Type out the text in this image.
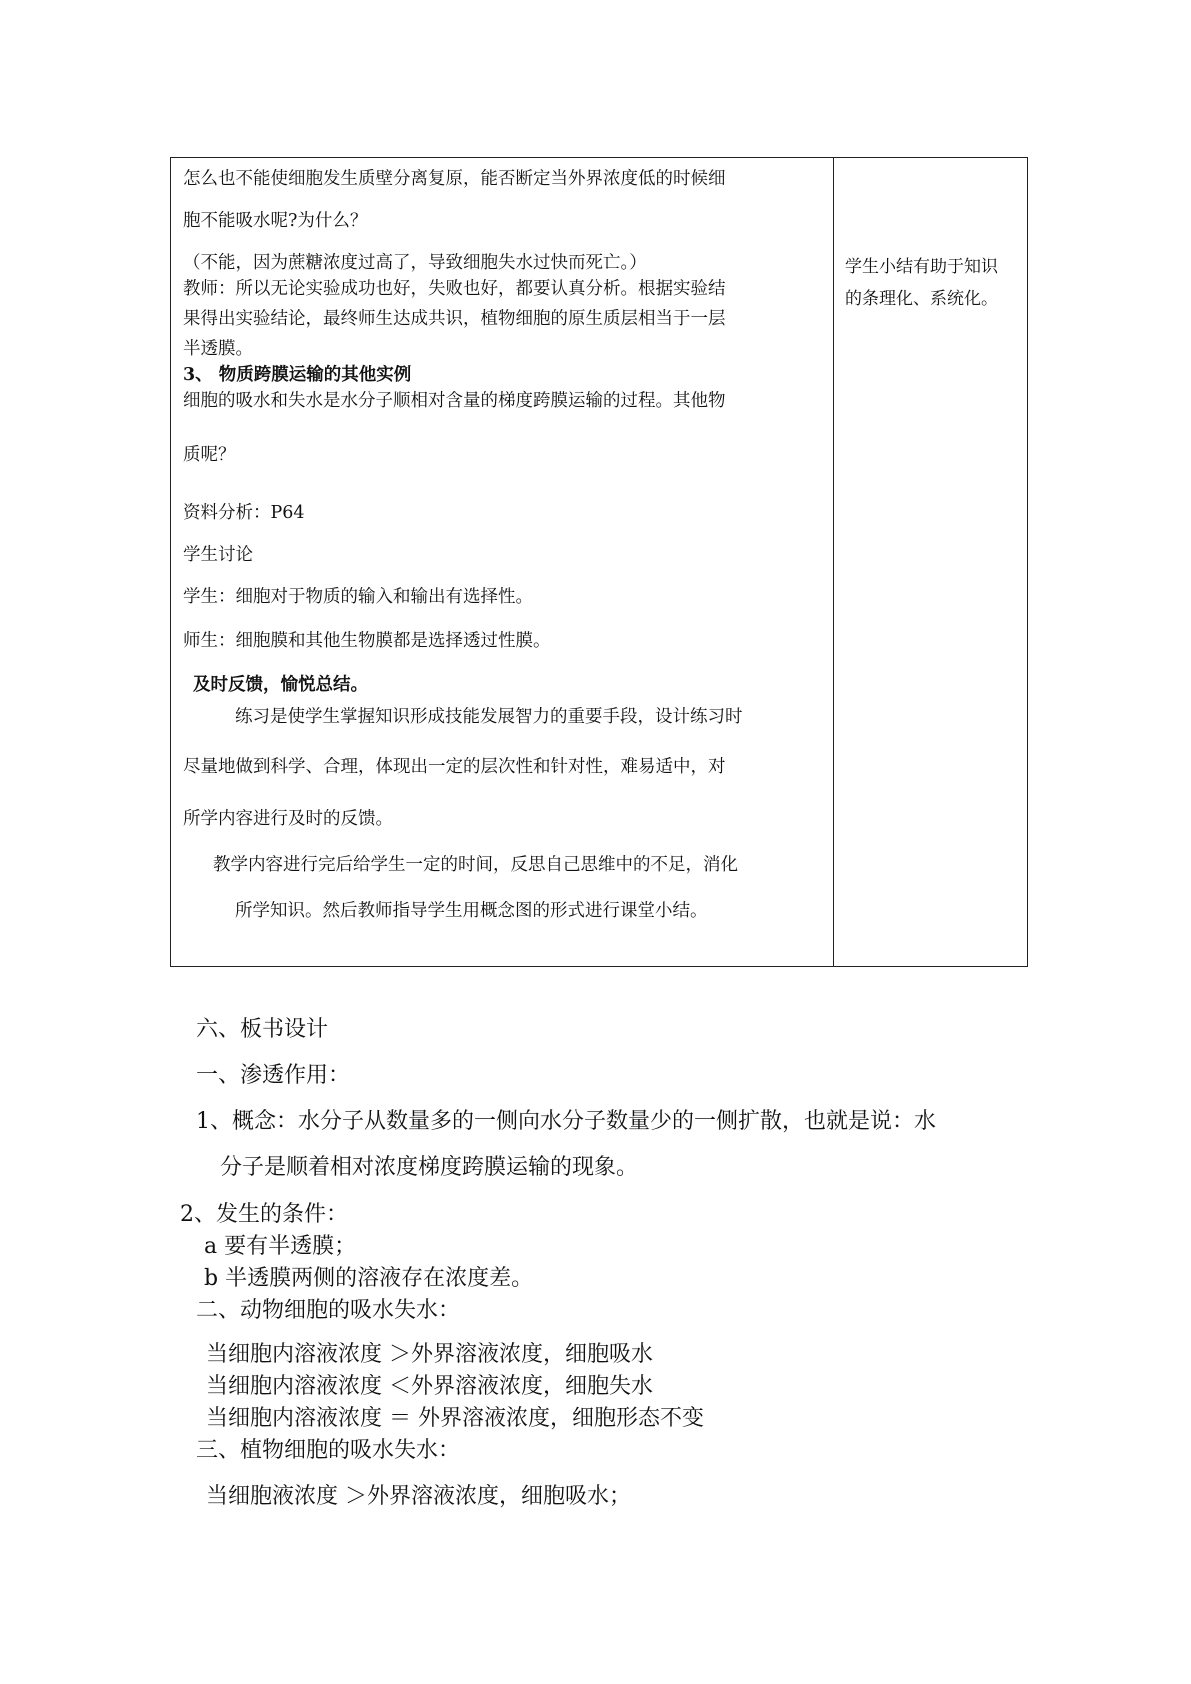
怎么也不能使细胞发生质壁分离复原，能否断定当外界浓度低的时候细

胞不能吸水呢?为什么？

（不能，因为蔗糖浓度过高了，导致细胞失水过快而死亡。）

教师：所以无论实验成功也好，失败也好，都要认真分析。根据实验结

果得出实验结论，最终师生达成共识，植物细胞的原生质层相当于一层

半透膜。

3、 物质跨膜运输的其他实例

细胞的吸水和失水是水分子顺相对含量的梯度跨膜运输的过程。其他物

质呢？

资料分析：P64

学生讨论

学生：细胞对于物质的输入和输出有选择性。

师生：细胞膜和其他生物膜都是选择透过性膜。

及时反馈，愉悦总结。

练习是使学生掌握知识形成技能发展智力的重要手段，设计练习时

尽量地做到科学、合理，体现出一定的层次性和针对性，难易适中，对

所学内容进行及时的反馈。

教学内容进行完后给学生一定的时间，反思自己思维中的不足，消化

所学知识。然后教师指导学生用概念图的形式进行课堂小结。

学生小结有助于知识

的条理化、系统化。

六、板书设计

一、渗透作用：

1、概念：水分子从数量多的一侧向水分子数量少的一侧扩散，也就是说：水

分子是顺着相对浓度梯度跨膜运输的现象。

2、发生的条件：

a 要有半透膜；

b 半透膜两侧的溶液存在浓度差。

二、动物细胞的吸水失水：

当细胞内溶液浓度 ＞外界溶液浓度，细胞吸水

当细胞内溶液浓度 ＜外界溶液浓度，细胞失水

当细胞内溶液浓度 ＝ 外界溶液浓度，细胞形态不变

三、植物细胞的吸水失水：

当细胞液浓度 ＞外界溶液浓度，细胞吸水；
